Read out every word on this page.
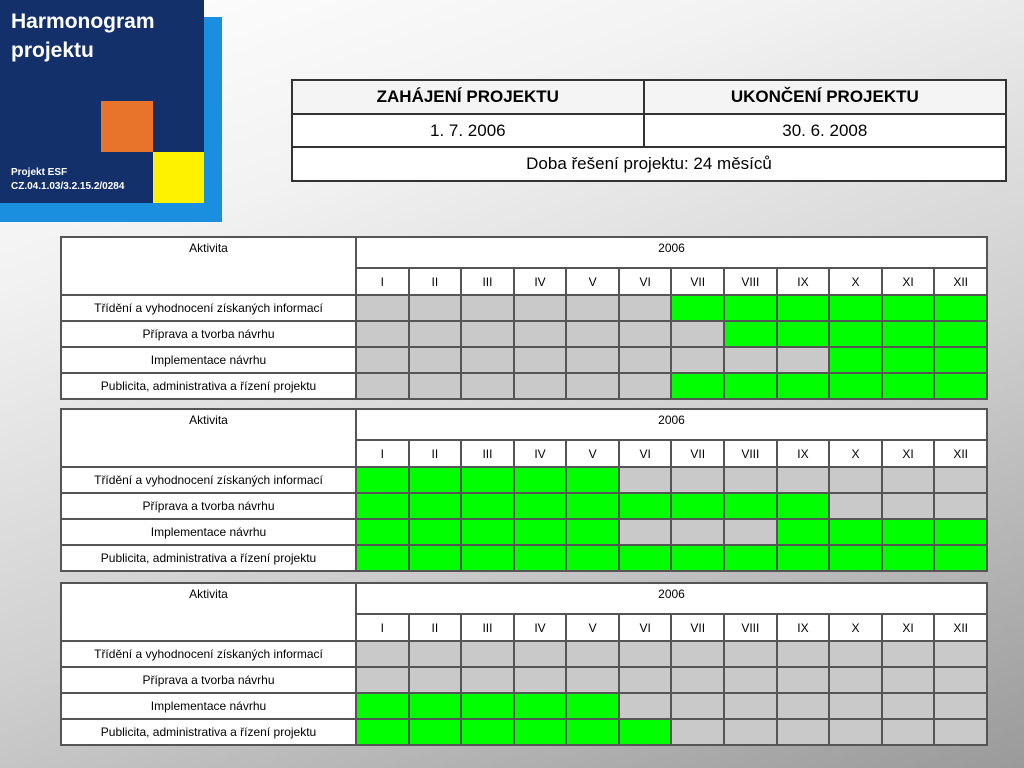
Harmonogram
projektu
Projekt ESF
CZ.04.1.03/3.2.15.2/0284
ZAHÁJENÍ PROJEKTU	UKONČENÍ PROJEKTU
1. 7. 2006	30. 6. 2008
Doba řešení projektu: 24 měsíců	
Aktivita	2006											
	I	II	III	IV	V	VI	VII	VIII	IX	X	XI	XII
Třídění a vyhodnocení získaných informací												
Příprava a tvorba návrhu												
Implementace návrhu												
Publicita, administrativa a řízení projektu												
Aktivita	2006											
	I	II	III	IV	V	VI	VII	VIII	IX	X	XI	XII
Třídění a vyhodnocení získaných informací												
Příprava a tvorba návrhu												
Implementace návrhu												
Publicita, administrativa a řízení projektu												
Aktivita	2006											
	I	II	III	IV	V	VI	VII	VIII	IX	X	XI	XII
Třídění a vyhodnocení získaných informací												
Příprava a tvorba návrhu												
Implementace návrhu												
Publicita, administrativa a řízení projektu												
